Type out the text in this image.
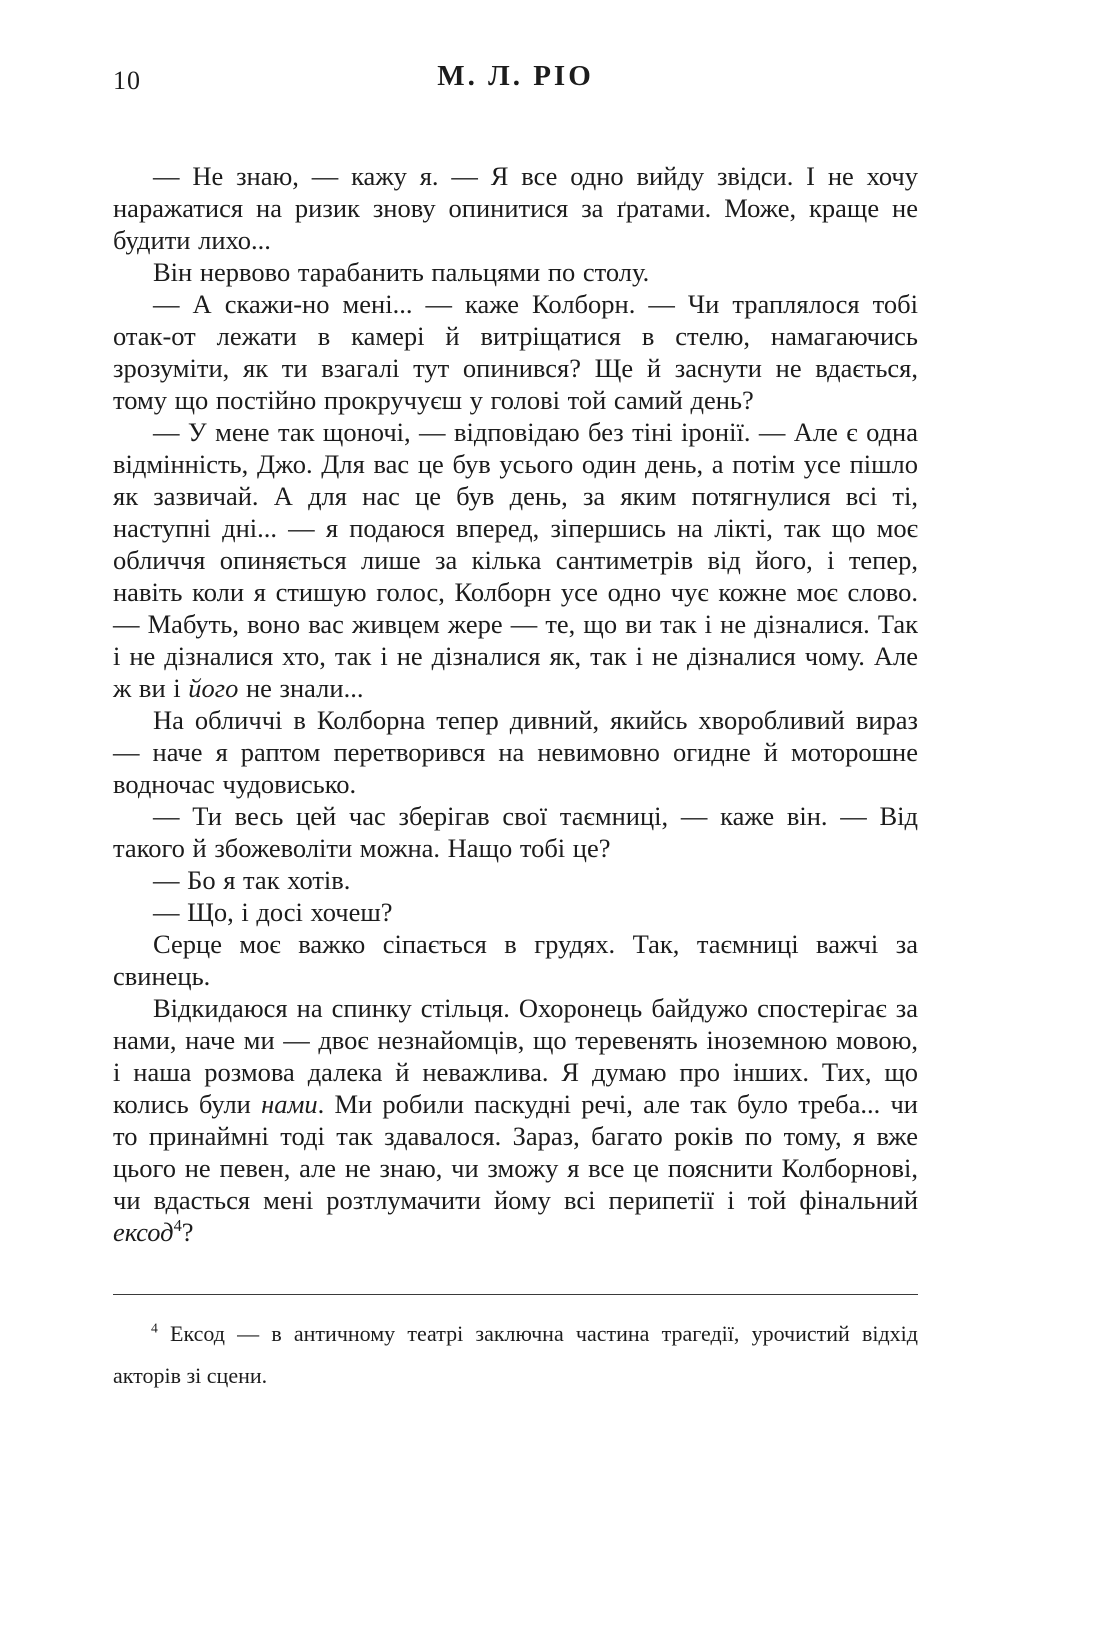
10	М. Л. РІО

— Не знаю, — кажу я. — Я все одно вийду звідси. І не хочу наражатися на ризик знову опинитися за ґратами. Може, краще не будити лихо...

Він нервово тарабанить пальцями по столу.

— А скажи-но мені... — каже Колборн. — Чи траплялося тобі отак-от лежати в камері й витріщатися в стелю, намагаючись зрозуміти, як ти взагалі тут опинився? Ще й заснути не вдається, тому що постійно прокручуєш у голові той самий день?

— У мене так щоночі, — відповідаю без тіні іронії. — Але є одна відмінність, Джо. Для вас це був усього один день, а потім усе пішло як зазвичай. А для нас це був день, за яким потягнулися всі ті, наступні дні... — я подаюся вперед, зіпершись на лікті, так що моє обличчя опиняється лише за кілька сантиметрів від його, і тепер, навіть коли я стишую голос, Колборн усе одно чує кожне моє слово. — Мабуть, воно вас живцем жере — те, що ви так і не дізналися. Так і не дізналися хто, так і не дізналися як, так і не дізналися чому. Але ж ви і його не знали...

На обличчі в Колборна тепер дивний, якийсь хворобливий вираз — наче я раптом перетворився на невимовно огидне й моторошне водночас чудовисько.

— Ти весь цей час зберігав свої таємниці, — каже він. — Від такого й збожеволіти можна. Нащо тобі це?

— Бо я так хотів.

— Що, і досі хочеш?

Серце моє важко сіпається в грудях. Так, таємниці важчі за свинець.

Відкидаюся на спинку стільця. Охоронець байдужо спостерігає за нами, наче ми — двоє незнайомців, що теревенять іноземною мовою, і наша розмова далека й неважлива. Я думаю про інших. Тих, що колись були нами. Ми робили паскудні речі, але так було треба... чи то принаймні тоді так здавалося. Зараз, багато років по тому, я вже цього не певен, але не знаю, чи зможу я все це пояснити Колборнові, чи вдасться мені розтлумачити йому всі перипетії і той фінальний ексод$^4$?

$^4$ Ексод — в античному театрі заключна частина трагедії, урочистий відхід акторів зі сцени.
